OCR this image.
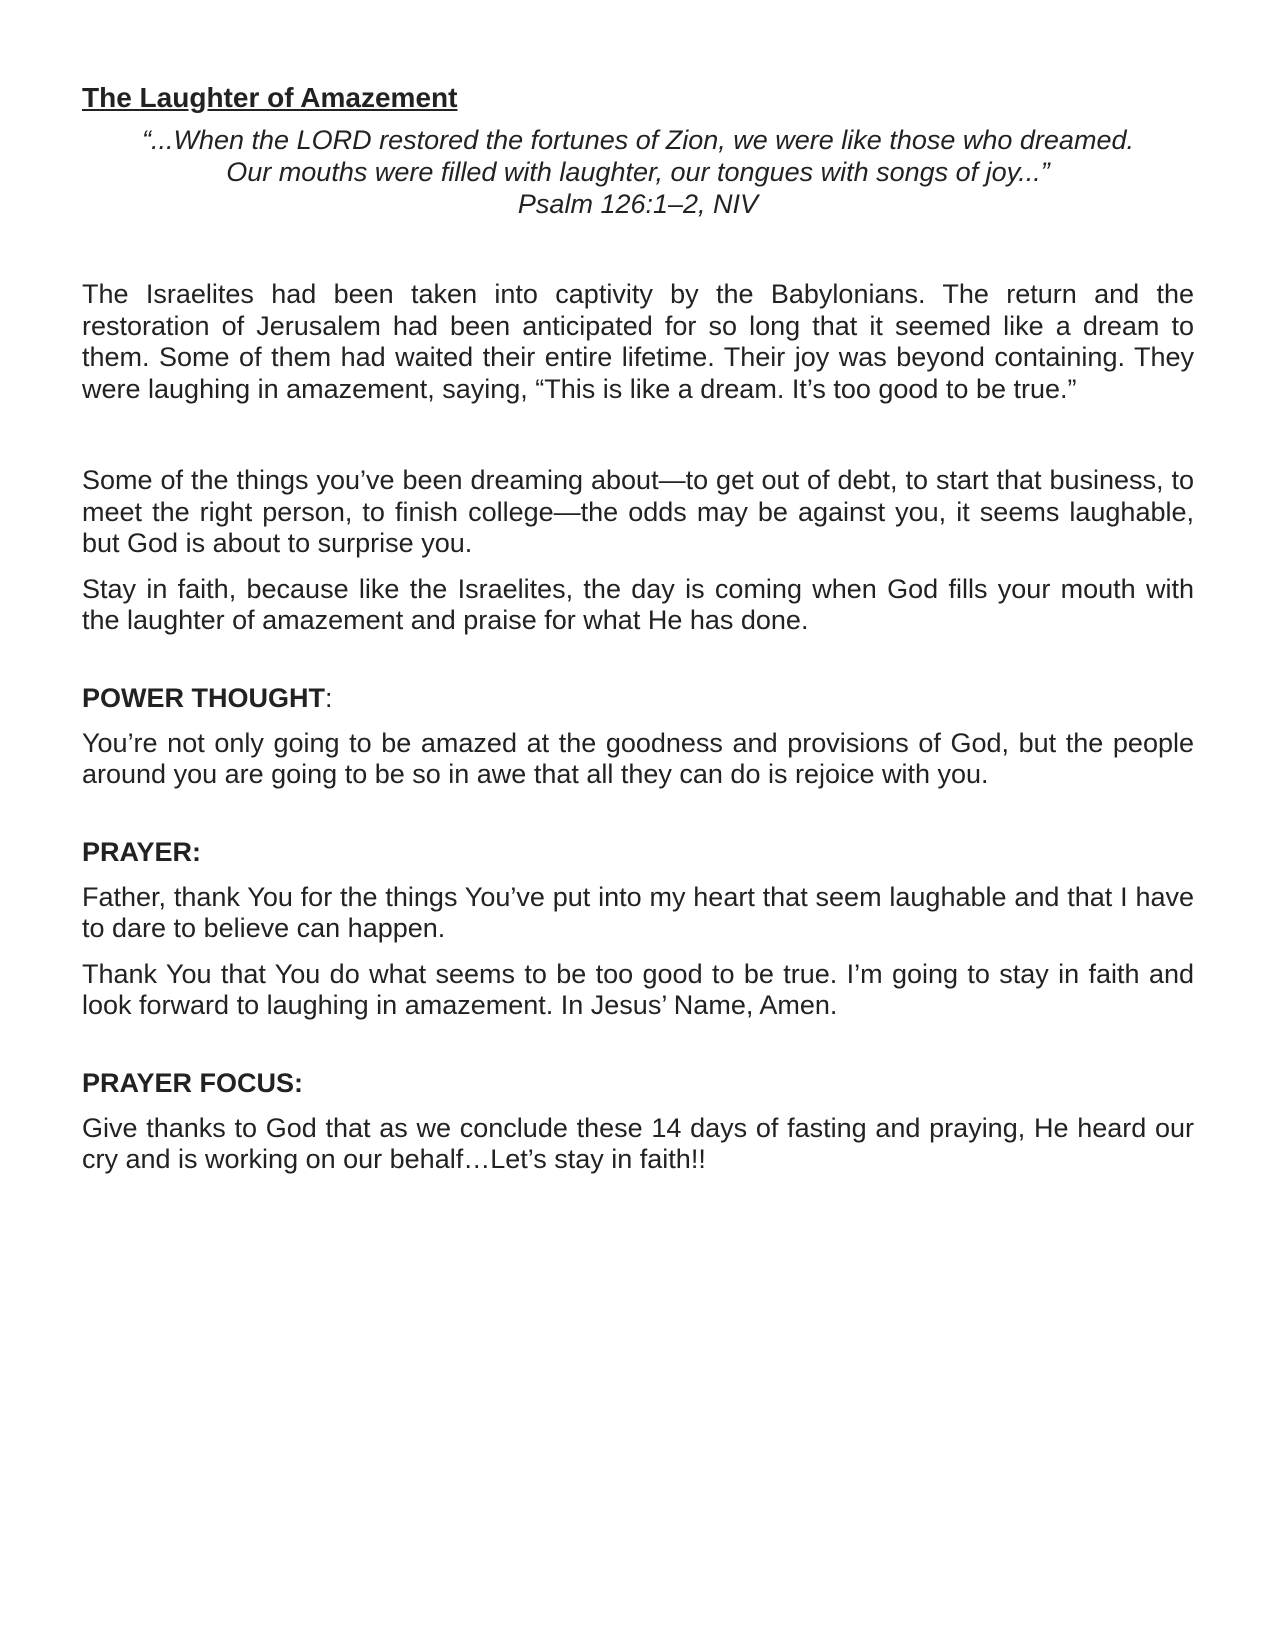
The Laughter of Amazement
“...When the LORD restored the fortunes of Zion, we were like those who dreamed.
Our mouths were filled with laughter, our tongues with songs of joy...”
Psalm 126:1–2, NIV

The Israelites had been taken into captivity by the Babylonians. The return and the restoration of Jerusalem had been anticipated for so long that it seemed like a dream to them. Some of them had waited their entire lifetime. Their joy was beyond containing. They were laughing in amazement, saying, “This is like a dream. It’s too good to be true.”

Some of the things you’ve been dreaming about—to get out of debt, to start that business, to meet the right person, to finish college—the odds may be against you, it seems laughable, but God is about to surprise you.

Stay in faith, because like the Israelites, the day is coming when God fills your mouth with the laughter of amazement and praise for what He has done.

POWER THOUGHT:

You’re not only going to be amazed at the goodness and provisions of God, but the people around you are going to be so in awe that all they can do is rejoice with you.

PRAYER:

Father, thank You for the things You’ve put into my heart that seem laughable and that I have to dare to believe can happen.

Thank You that You do what seems to be too good to be true. I’m going to stay in faith and look forward to laughing in amazement. In Jesus’ Name, Amen.

PRAYER FOCUS:

Give thanks to God that as we conclude these 14 days of fasting and praying, He heard our cry and is working on our behalf…Let’s stay in faith!!
